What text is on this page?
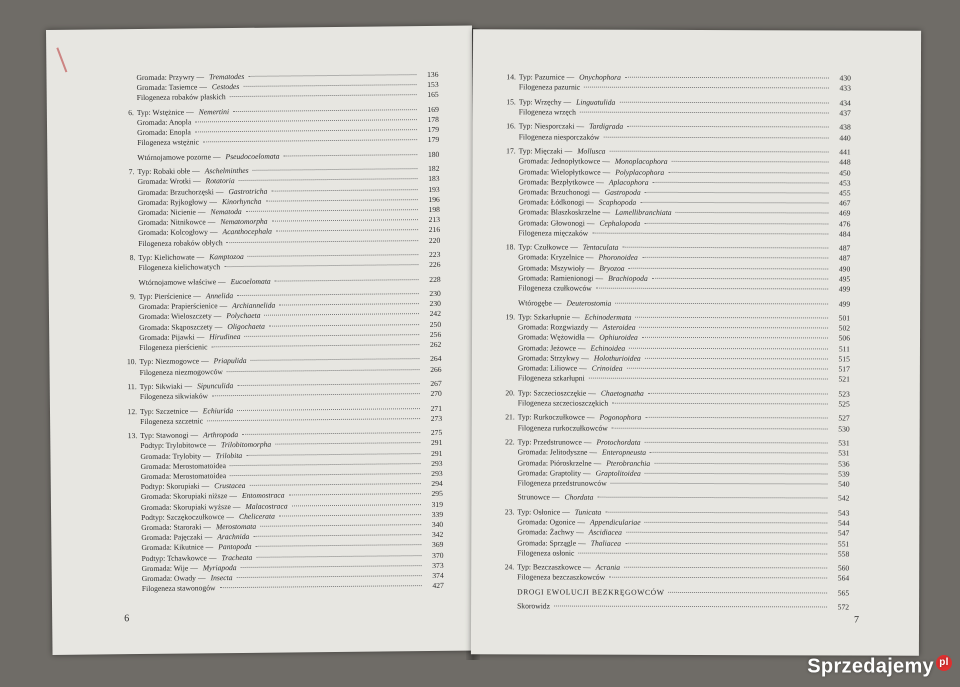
Gromada: Przywry — Trematodes	136
Gromada: Tasiemce — Cestodes	153
Filogeneza robaków płaskich	165
6. Typ: Wstężnice — Nemertini	169
Gromada: Anopla	178
Gromada: Enopla	179
Filogeneza wstężnic	179
Wtórnojamowe pozorne — Pseudocoelomata	180
7. Typ: Robaki obłe — Aschelminthes	182
Gromada: Wrotki — Rotatoria	183
Gromada: Brzuchorzęski — Gastrotricha	193
Gromada: Ryjkogłowy — Kinorhyncha	196
Gromada: Nicienie — Nematoda	198
Gromada: Nitnikowce — Nematomorpha	213
Gromada: Kolcogłowy — Acanthocephala	216
Filogeneza robaków obłych	220
8. Typ: Kielichowate — Kamptozoa	223
Filogeneza kielichowatych	226
Wtórnojamowe właściwe — Eucoelomata	228
9. Typ: Pierścienice — Annelida	230
Gromada: Prapierścienice — Archiannelida	230
Gromada: Wieloszczety — Polychaeta	242
Gromada: Skąposzczety — Oligochaeta	250
Gromada: Pijawki — Hirudinea	256
Filogeneza pierścienic	262
10. Typ: Niezmogowce — Priapulida	264
Filogeneza niezmogowców	266
11. Typ: Sikwiaki — Sipunculida	267
Filogeneza sikwiaków	270
12. Typ: Szczetnice — Echiurida	271
Filogeneza szczetnic	273
13. Typ: Stawonogi — Arthropoda	275
Podtyp: Trylobitowce — Trilobitomorpha	291
Gromada: Trylobity — Trilobita	291
Gromada: Merostomatoidea	293
Gromada: Merostomatoidea	293
Podtyp: Skorupiaki — Crustacea	294
Gromada: Skorupiaki niższe — Entomostraca	295
Gromada: Skorupiaki wyższe — Malacostraca	319
Podtyp: Szczękoczułkowce — Chelicerata	339
Gromada: Staroraki — Merostomata	340
Gromada: Pajęczaki — Arachnida	342
Gromada: Kikutnice — Pantopoda	369
Podtyp: Tchawkowce — Tracheata	370
Gromada: Wije — Myriapoda	373
Gromada: Owady — Insecta	374
Filogeneza stawonogów	427
6
14. Typ: Pazurnice — Onychophora	430
Filogeneza pazurnic	433
15. Typ: Wrzęchy — Linguatulida	434
Filogeneza wrzęch	437
16. Typ: Niesporczaki — Tardigrada	438
Filogeneza niesporczaków	440
17. Typ: Mięczaki — Mollusca	441
Gromada: Jednopłytkowce — Monoplacophora	448
Gromada: Wielopłytkowce — Polyplacophora	450
Gromada: Bezpłytkowce — Aplacophora	453
Gromada: Brzuchonogi — Gastropoda	455
Gromada: Łódkonogi — Scaphopoda	467
Gromada: Blaszkoskrzelne — Lamellibranchiata	469
Gromada: Głowonogi — Cephalopoda	476
Filogeneza mięczaków	484
18. Typ: Czułkowce — Tentaculata	487
Gromada: Kryzelnice — Phoronoidea	487
Gromada: Mszywioły — Bryozoa	490
Gromada: Ramienionogi — Brachiopoda	495
Filogeneza czułkowców	499
Wtórogębe — Deuterostomia	499
19. Typ: Szkarłupnie — Echinodermata	501
Gromada: Rozgwiazdy — Asteroidea	502
Gromada: Wężowidła — Ophiuroidea	506
Gromada: Jeżowce — Echinoidea	511
Gromada: Strzykwy — Holothurioidea	515
Gromada: Liliowce — Crinoidea	517
Filogeneza szkarłupni	521
20. Typ: Szczecioszczękie — Chaetognatha	523
Filogeneza szczecioszczękich	525
21. Typ: Rurkoczułkowce — Pogonophora	527
Filogeneza rurkoczułkowców	530
22. Typ: Przedstrunowce — Protochordata	531
Gromada: Jelitodyszne — Enteropneusta	531
Gromada: Pióroskrzelne — Pterobranchia	536
Gromada: Graptolity — Graptolitoidea	539
Filogeneza przedstrunowców	540
Strunowce — Chordata	542
23. Typ: Osłonice — Tunicata	543
Gromada: Ogonice — Appendiculariae	544
Gromada: Żachwy — Ascidiacea	547
Gromada: Sprzągle — Thaliacea	551
Filogeneza osłonic	558
24. Typ: Bezczaszkowce — Acrania	560
Filogeneza bezczaszkowców	564
DROGI EWOLUCJI BEZKRĘGOWCÓW	565
Skorowidz	572
7
Sprzedajemy pl
